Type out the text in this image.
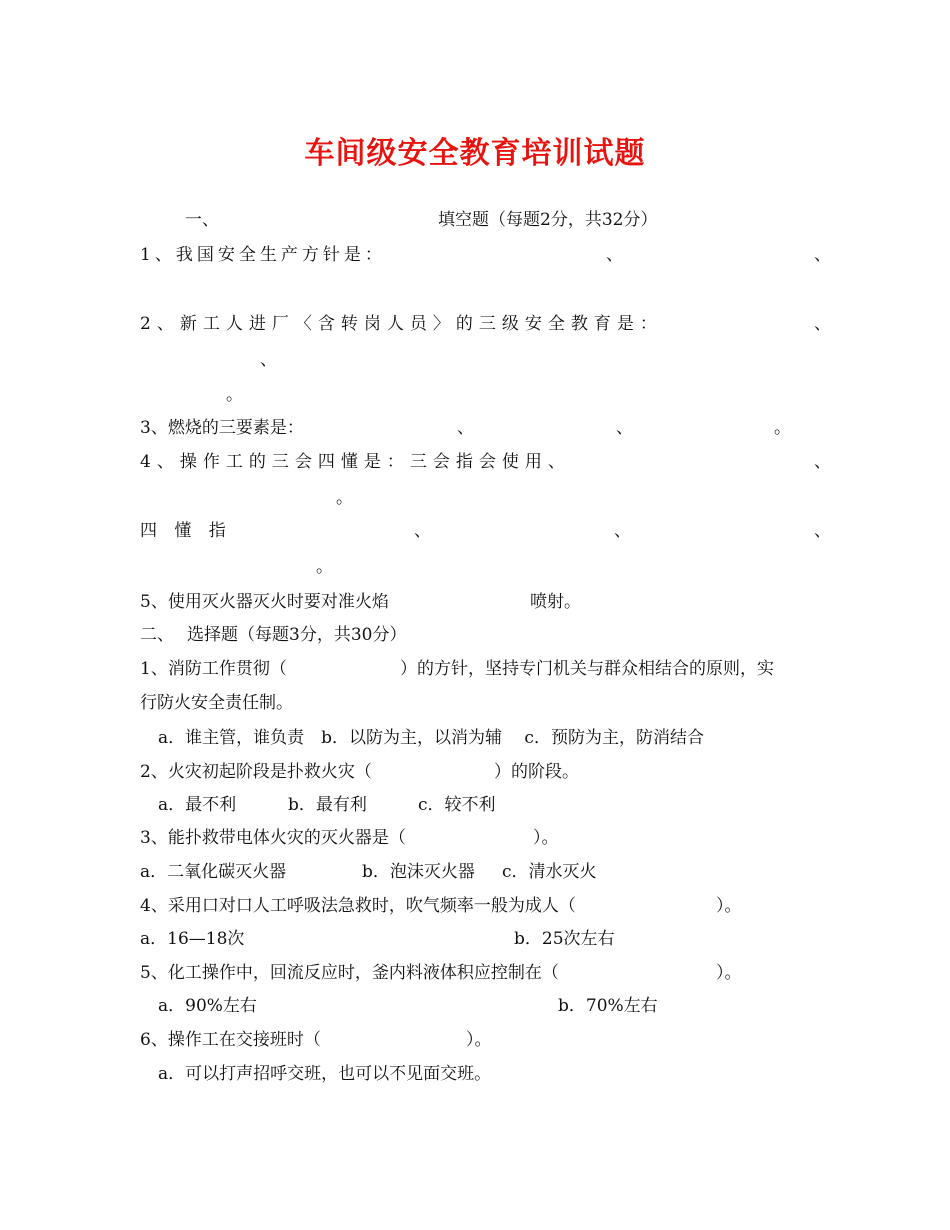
车间级安全教育培训试题
一、	填空题（每题2分，共32分）
1、我国安全生产方针是：	、	、
2、新工人进厂〈含转岗人员〉的三级安全教育是：	、
、
。
3、燃烧的三要素是：	、	、	。
4、操作工的三会四懂是：三会指会使用、	、
。
四 懂 指	、	、	、
。
5、使用灭火器灭火时要对准火焰	喷射。
二、 选择题（每题3分，共30分）
1、消防工作贯彻（	）的方针，坚持专门机关与群众相结合的原则，实
行防火安全责任制。
a．谁主管，谁负责　b．以防为主，以消为辅　 c．预防为主，防消结合
2、火灾初起阶段是扑救火灾（	）的阶段。
a．最不利	b．最有利	c．较不利
3、能扑救带电体火灾的灭火器是（	）。
a．二氧化碳灭火器	b．泡沫灭火器 c．清水灭火
4、采用口对口人工呼吸法急救时，吹气频率一般为成人（	）。
a．16—18次	b．25次左右
5、化工操作中，回流反应时，釜内料液体积应控制在（	）。
a．90%左右	b．70%左右
6、操作工在交接班时（	）。
a．可以打声招呼交班，也可以不见面交班。
